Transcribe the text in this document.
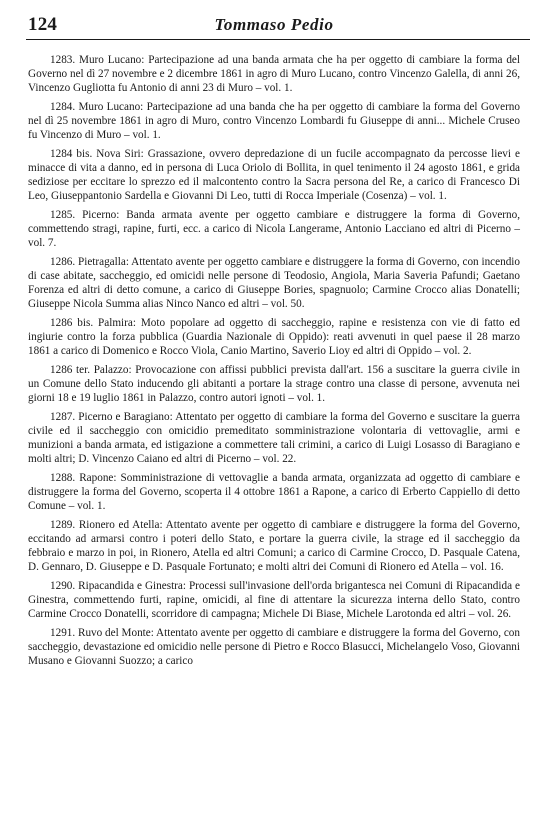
124	Tommaso Pedio

1283. Muro Lucano: Partecipazione ad una banda armata che ha per oggetto di cambiare la forma del Governo nel dì 27 novembre e 2 dicembre 1861 in agro di Muro Lucano, contro Vincenzo Galella, di anni 26, Vincenzo Gugliotta fu Antonio di anni 23 di Muro – vol. 1.

1284. Muro Lucano: Partecipazione ad una banda che ha per oggetto di cambiare la forma del Governo nel dì 25 novembre 1861 in agro di Muro, contro Vincenzo Lombardi fu Giuseppe di anni... Michele Cruseo fu Vincenzo di Muro – vol. 1.

1284 bis. Nova Siri: Grassazione, ovvero depredazione di un fucile accompagnato da percosse lievi e minacce di vita a danno, ed in persona di Luca Oriolo di Bollita, in quel tenimento il 24 agosto 1861, e grida sediziose per eccitare lo sprezzo ed il malcontento contro la Sacra persona del Re, a carico di Francesco Di Leo, Giuseppantonio Sardella e Giovanni Di Leo, tutti di Rocca Imperiale (Cosenza) – vol. 1.

1285. Picerno: Banda armata avente per oggetto cambiare e distruggere la forma di Governo, commettendo stragi, rapine, furti, ecc. a carico di Nicola Langerame, Antonio Lacciano ed altri di Picerno – vol. 7.

1286. Pietragalla: Attentato avente per oggetto cambiare e distruggere la forma di Governo, con incendio di case abitate, saccheggio, ed omicidi nelle persone di Teodosio, Angiola, Maria Saveria Pafundi; Gaetano Forenza ed altri di detto comune, a carico di Giuseppe Bories, spagnuolo; Carmine Crocco alias Donatelli; Giuseppe Nicola Summa alias Ninco Nanco ed altri – vol. 50.

1286 bis. Palmira: Moto popolare ad oggetto di saccheggio, rapine e resistenza con vie di fatto ed ingiurie contro la forza pubblica (Guardia Nazionale di Oppido): reati avvenuti in quel paese il 28 marzo 1861 a carico di Domenico e Rocco Viola, Canio Martino, Saverio Lioy ed altri di Oppido – vol. 2.

1286 ter. Palazzo: Provocazione con affissi pubblici prevista dall'art. 156 a suscitare la guerra civile in un Comune dello Stato inducendo gli abitanti a portare la strage contro una classe di persone, avvenuta nei giorni 18 e 19 luglio 1861 in Palazzo, contro autori ignoti – vol. 1.

1287. Picerno e Baragiano: Attentato per oggetto di cambiare la forma del Governo e suscitare la guerra civile ed il saccheggio con omicidio premeditato somministrazione volontaria di vettovaglie, armi e munizioni a banda armata, ed istigazione a commettere tali crimini, a carico di Luigi Losasso di Baragiano e molti altri; D. Vincenzo Caiano ed altri di Picerno – vol. 22.

1288. Rapone: Somministrazione di vettovaglie a banda armata, organizzata ad oggetto di cambiare e distruggere la forma del Governo, scoperta il 4 ottobre 1861 a Rapone, a carico di Erberto Cappiello di detto Comune – vol. 1.

1289. Rionero ed Atella: Attentato avente per oggetto di cambiare e distruggere la forma del Governo, eccitando ad armarsi contro i poteri dello Stato, e portare la guerra civile, la strage ed il saccheggio da febbraio e marzo in poi, in Rionero, Atella ed altri Comuni; a carico di Carmine Crocco, D. Pasquale Catena, D. Gennaro, D. Giuseppe e D. Pasquale Fortunato; e molti altri dei Comuni di Rionero ed Atella – vol. 16.

1290. Ripacandida e Ginestra: Processi sull'invasione dell'orda brigantesca nei Comuni di Ripacandida e Ginestra, commettendo furti, rapine, omicidi, al fine di attentare la sicurezza interna dello Stato, contro Carmine Crocco Donatelli, scorridore di campagna; Michele Di Biase, Michele Larotonda ed altri – vol. 26.

1291. Ruvo del Monte: Attentato avente per oggetto di cambiare e distruggere la forma del Governo, con saccheggio, devastazione ed omicidio nelle persone di Pietro e Rocco Blasucci, Michelangelo Voso, Giovanni Musano e Giovanni Suozzo; a carico
